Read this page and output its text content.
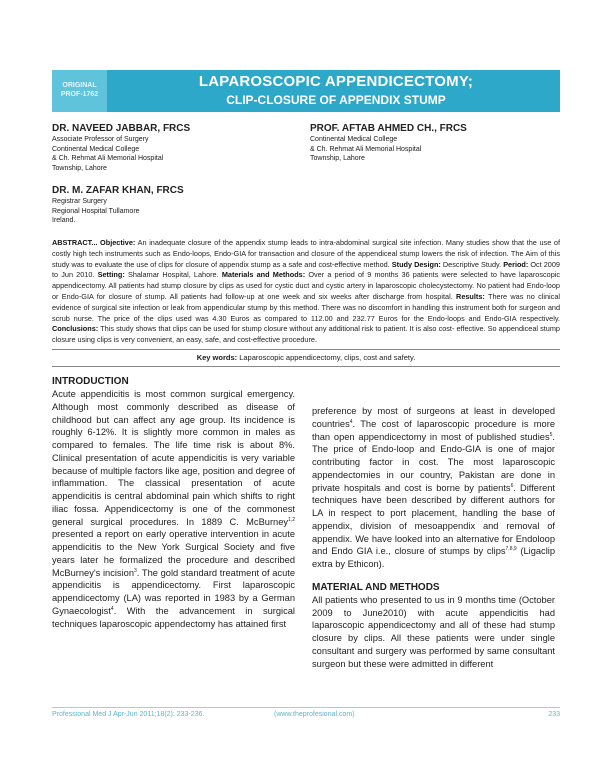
ORIGINAL
PROF-1762
LAPAROSCOPIC APPENDICECTOMY;
CLIP-CLOSURE OF APPENDIX STUMP
DR. NAVEED JABBAR, FRCS
Associate Professor of Surgery
Continental Medical College
& Ch. Rehmat Ali Memorial Hospital
Township, Lahore
PROF. AFTAB AHMED CH., FRCS
Continental Medical College
& Ch. Rehmat Ali Memorial Hospital
Township, Lahore
DR. M. ZAFAR KHAN, FRCS
Registrar Surgery
Regional Hospital Tullamore
Ireland.
ABSTRACT... Objective: An inadequate closure of the appendix stump leads to intra-abdominal surgical site infection. Many studies show that the use of costly high tech instruments such as Endo-loops, Endo-GIA for transaction and closure of the appendiceal stump lowers the risk of infection. The Aim of this study was to evaluate the use of clips for closure of appendix stump as a safe and cost-effective method. Study Design: Descriptive Study. Period: Oct 2009 to Jun 2010. Setting: Shalamar Hospital, Lahore. Materials and Methods: Over a period of 9 months 36 patients were selected to have laparoscopic appendicectomy. All patients had stump closure by clips as used for cystic duct and cystic artery in laparoscopic cholecystectomy. No patient had Endo-loop or Endo-GIA for closure of stump. All patients had follow-up at one week and six weeks after discharge from hospital. Results: There was no clinical evidence of surgical site infection or leak from appendicular stump by this method. There was no discomfort in handling this instrument both for surgeon and scrub nurse. The price of the clips used was 4.30 Euros as compared to 112.00 and 232.77 Euros for the Endo-loops and Endo-GIA respectively. Conclusions: This study shows that clips can be used for stump closure without any additional risk to patient. It is also cost- effective. So appendiceal stump closure using clips is very convenient, an easy, safe, and cost-effective procedure.
Key words: Laparoscopic appendicectomy, clips, cost and safety.
INTRODUCTION

Acute appendicitis is most common surgical emergency. Although most commonly described as disease of childhood but can affect any age group. Its incidence is roughly 6-12%. It is slightly more common in males as compared to females. The life time risk is about 8%. Clinical presentation of acute appendicitis is very variable because of multiple factors like age, position and degree of inflammation. The classical presentation of acute appendicitis is central abdominal pain which shifts to right iliac fossa. Appendicectomy is one of the commonest general surgical procedures. In 1889 C. McBurney$^{1,2}$ presented a report on early operative intervention in acute appendicitis to the New York Surgical Society and five years later he formalized the procedure and described McBurney's incision$^3$. The gold standard treatment of acute appendicitis is appendicectomy. First laparoscopic appendicectomy (LA) was reported in 1983 by a German Gynaecologist$^4$. With the advancement in surgical techniques laparoscopic appendectomy has attained first

preference by most of surgeons at least in developed countries$^4$. The cost of laparoscopic procedure is more than open appendicectomy in most of published studies$^5$. The price of Endo-loop and Endo-GIA is one of major contributing factor in cost. The most laparoscopic appendectomies in our country, Pakistan are done in private hospitals and cost is borne by patients$^6$. Different techniques have been described by different authors for LA in respect to port placement, handling the base of appendix, division of mesoappendix and removal of appendix. We have looked into an alternative for Endoloop and Endo GIA i.e., closure of stumps by clips$^{7,8,9}$ (Ligaclip extra by Ethicon).

MATERIAL AND METHODS

All patients who presented to us in 9 months time (October 2009 to June2010) with acute appendicitis had laparoscopic appendicectomy and all of these had stump closure by clips. All these patients were under single consultant and surgery was performed by same consultant surgeon but these were admitted in different

Professional Med J Apr-Jun 2011;18(2): 233-236.	(www.theprofesional.com)	233
